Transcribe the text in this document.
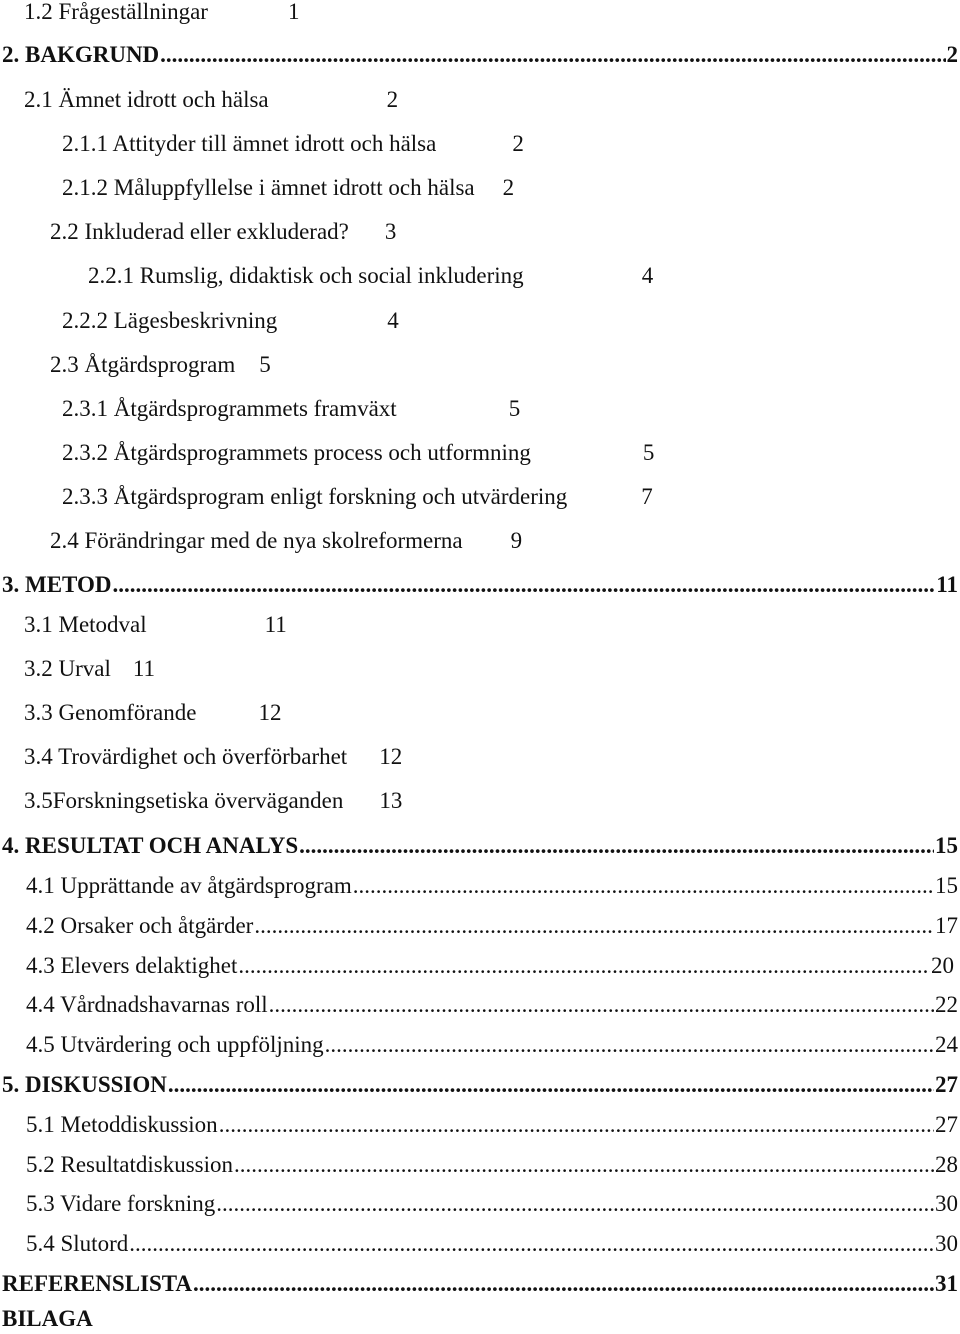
1.2 Frågeställningar	1
2. BAKGRUND .....	2
2.1 Ämnet idrott och hälsa	2
2.1.1 Attityder till ämnet idrott och hälsa	2
2.1.2 Måluppfyllelse i ämnet idrott och hälsa 2
2.2 Inkluderad eller exkluderad? 3
2.2.1 Rumslig, didaktisk och social inkludering	4
2.2.2 Lägesbeskrivning	4
2.3 Åtgärdsprogram 5
2.3.1 Åtgärdsprogrammets framväxt	5
2.3.2 Åtgärdsprogrammets process och utformning	5
2.3.3 Åtgärdsprogram enligt forskning och utvärdering	7
2.4 Förändringar med de nya skolreformerna 9
3. METOD .....	11
3.1 Metodval	11
3.2 Urval 11
3.3 Genomförande	12
3.4 Trovärdighet och överförbarhet 12
3.5Forskningsetiska överväganden 13
4. RESULTAT OCH ANALYS .....	15
4.1 Upprättande av åtgärdsprogram .....	15
4.2 Orsaker och åtgärder .....	17
4.3 Elevers delaktighet .....	20
4.4 Vårdnadshavarnas roll .....	22
4.5 Utvärdering och uppföljning .....	24
5. DISKUSSION .....	27
5.1 Metoddiskussion .....	27
5.2 Resultatdiskussion .....	28
5.3 Vidare forskning .....	30
5.4 Slutord .....	30
REFERENSLISTA .....	31
BILAGA
